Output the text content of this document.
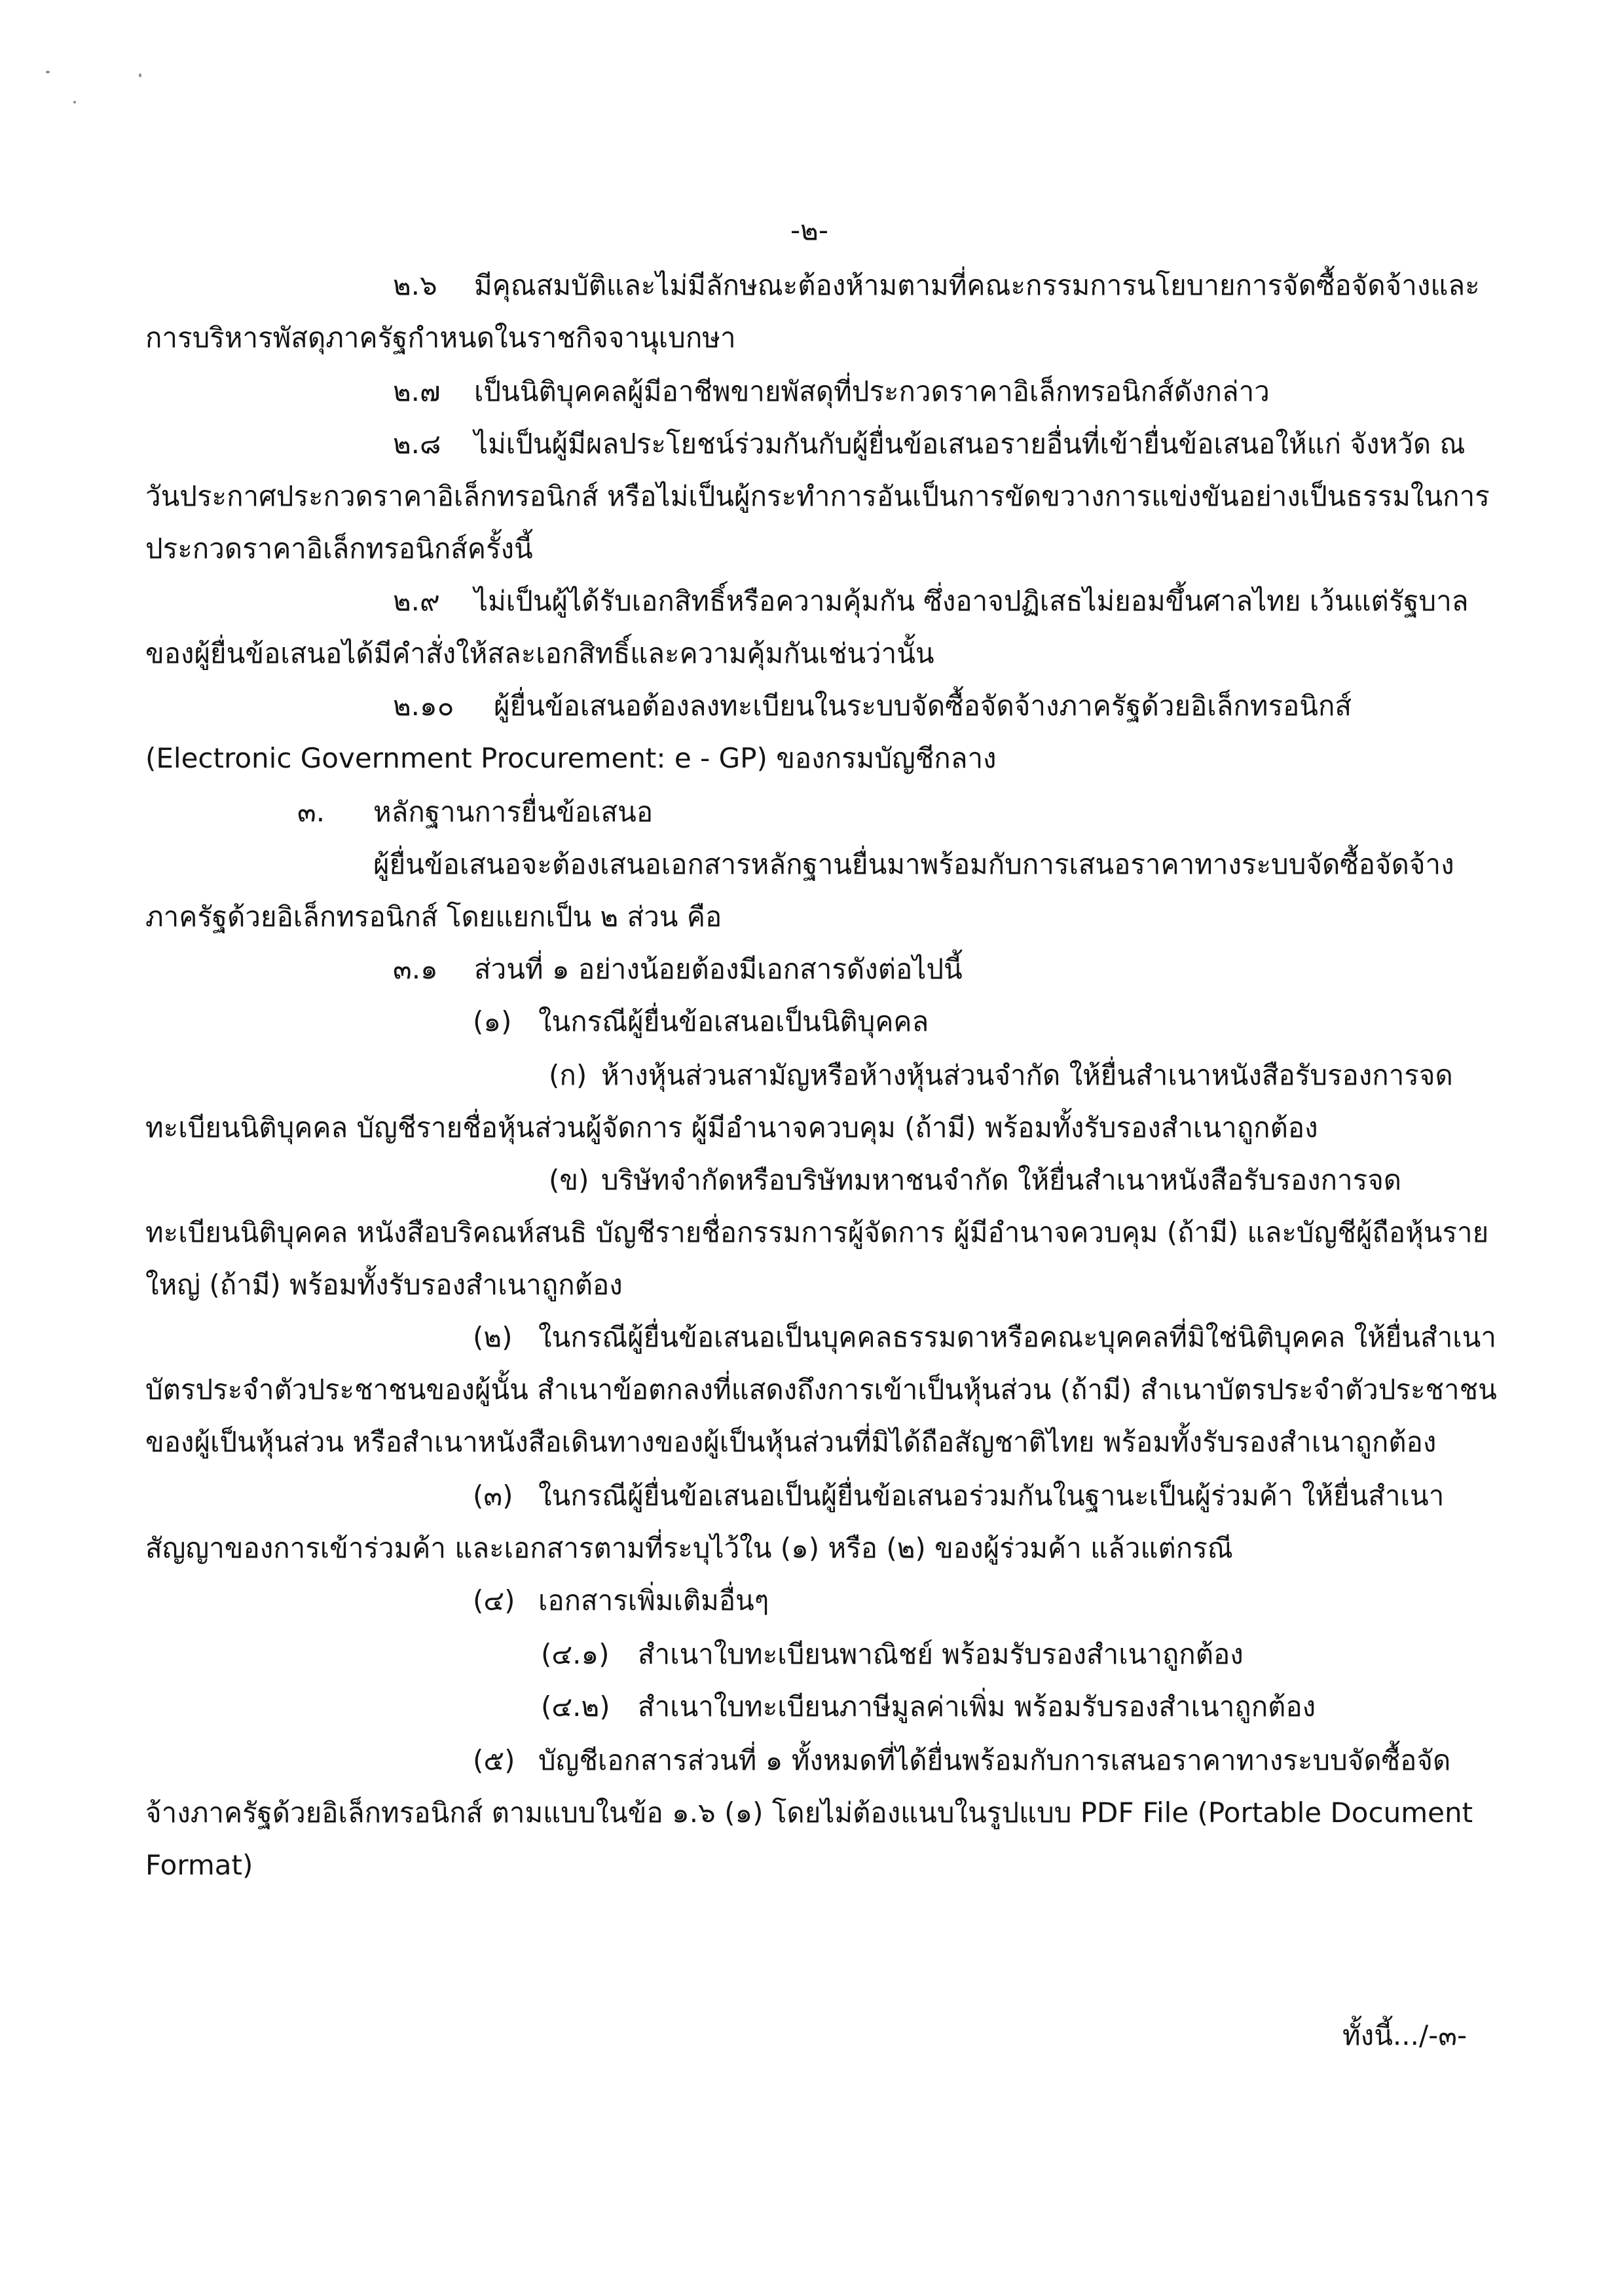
-๒-
๒.๖ มีคุณสมบัติและไม่มีลักษณะต้องห้ามตามที่คณะกรรมการนโยบายการจัดซื้อจัดจ้างและ
การบริหารพัสดุภาครัฐกำหนดในราชกิจจานุเบกษา
๒.๗ เป็นนิติบุคคลผู้มีอาชีพขายพัสดุที่ประกวดราคาอิเล็กทรอนิกส์ดังกล่าว
๒.๘ ไม่เป็นผู้มีผลประโยชน์ร่วมกันกับผู้ยื่นข้อเสนอรายอื่นที่เข้ายื่นข้อเสนอให้แก่ จังหวัด ณ
วันประกาศประกวดราคาอิเล็กทรอนิกส์ หรือไม่เป็นผู้กระทำการอันเป็นการขัดขวางการแข่งขันอย่างเป็นธรรมในการ
ประกวดราคาอิเล็กทรอนิกส์ครั้งนี้
๒.๙ ไม่เป็นผู้ได้รับเอกสิทธิ์หรือความคุ้มกัน ซึ่งอาจปฏิเสธไม่ยอมขึ้นศาลไทย เว้นแต่รัฐบาล
ของผู้ยื่นข้อเสนอได้มีคำสั่งให้สละเอกสิทธิ์และความคุ้มกันเช่นว่านั้น
๒.๑๐ ผู้ยื่นข้อเสนอต้องลงทะเบียนในระบบจัดซื้อจัดจ้างภาครัฐด้วยอิเล็กทรอนิกส์
(Electronic Government Procurement: e - GP) ของกรมบัญชีกลาง
๓. หลักฐานการยื่นข้อเสนอ
ผู้ยื่นข้อเสนอจะต้องเสนอเอกสารหลักฐานยื่นมาพร้อมกับการเสนอราคาทางระบบจัดซื้อจัดจ้าง
ภาครัฐด้วยอิเล็กทรอนิกส์ โดยแยกเป็น ๒ ส่วน คือ
๓.๑ ส่วนที่ ๑ อย่างน้อยต้องมีเอกสารดังต่อไปนี้
(๑) ในกรณีผู้ยื่นข้อเสนอเป็นนิติบุคคล
(ก) ห้างหุ้นส่วนสามัญหรือห้างหุ้นส่วนจำกัด ให้ยื่นสำเนาหนังสือรับรองการจด
ทะเบียนนิติบุคคล บัญชีรายชื่อหุ้นส่วนผู้จัดการ ผู้มีอำนาจควบคุม (ถ้ามี) พร้อมทั้งรับรองสำเนาถูกต้อง
(ข) บริษัทจำกัดหรือบริษัทมหาชนจำกัด ให้ยื่นสำเนาหนังสือรับรองการจด
ทะเบียนนิติบุคคล หนังสือบริคณห์สนธิ บัญชีรายชื่อกรรมการผู้จัดการ ผู้มีอำนาจควบคุม (ถ้ามี) และบัญชีผู้ถือหุ้นราย
ใหญ่ (ถ้ามี) พร้อมทั้งรับรองสำเนาถูกต้อง
(๒) ในกรณีผู้ยื่นข้อเสนอเป็นบุคคลธรรมดาหรือคณะบุคคลที่มิใช่นิติบุคคล ให้ยื่นสำเนา
บัตรประจำตัวประชาชนของผู้นั้น สำเนาข้อตกลงที่แสดงถึงการเข้าเป็นหุ้นส่วน (ถ้ามี) สำเนาบัตรประจำตัวประชาชน
ของผู้เป็นหุ้นส่วน หรือสำเนาหนังสือเดินทางของผู้เป็นหุ้นส่วนที่มิได้ถือสัญชาติไทย พร้อมทั้งรับรองสำเนาถูกต้อง
(๓) ในกรณีผู้ยื่นข้อเสนอเป็นผู้ยื่นข้อเสนอร่วมกันในฐานะเป็นผู้ร่วมค้า ให้ยื่นสำเนา
สัญญาของการเข้าร่วมค้า และเอกสารตามที่ระบุไว้ใน (๑) หรือ (๒) ของผู้ร่วมค้า แล้วแต่กรณี
(๔) เอกสารเพิ่มเติมอื่นๆ
(๔.๑) สำเนาใบทะเบียนพาณิชย์ พร้อมรับรองสำเนาถูกต้อง
(๔.๒) สำเนาใบทะเบียนภาษีมูลค่าเพิ่ม พร้อมรับรองสำเนาถูกต้อง
(๕) บัญชีเอกสารส่วนที่ ๑ ทั้งหมดที่ได้ยื่นพร้อมกับการเสนอราคาทางระบบจัดซื้อจัด
จ้างภาครัฐด้วยอิเล็กทรอนิกส์ ตามแบบในข้อ ๑.๖ (๑) โดยไม่ต้องแนบในรูปแบบ PDF File (Portable Document
Format)
ทั้งนี้.../-๓-
